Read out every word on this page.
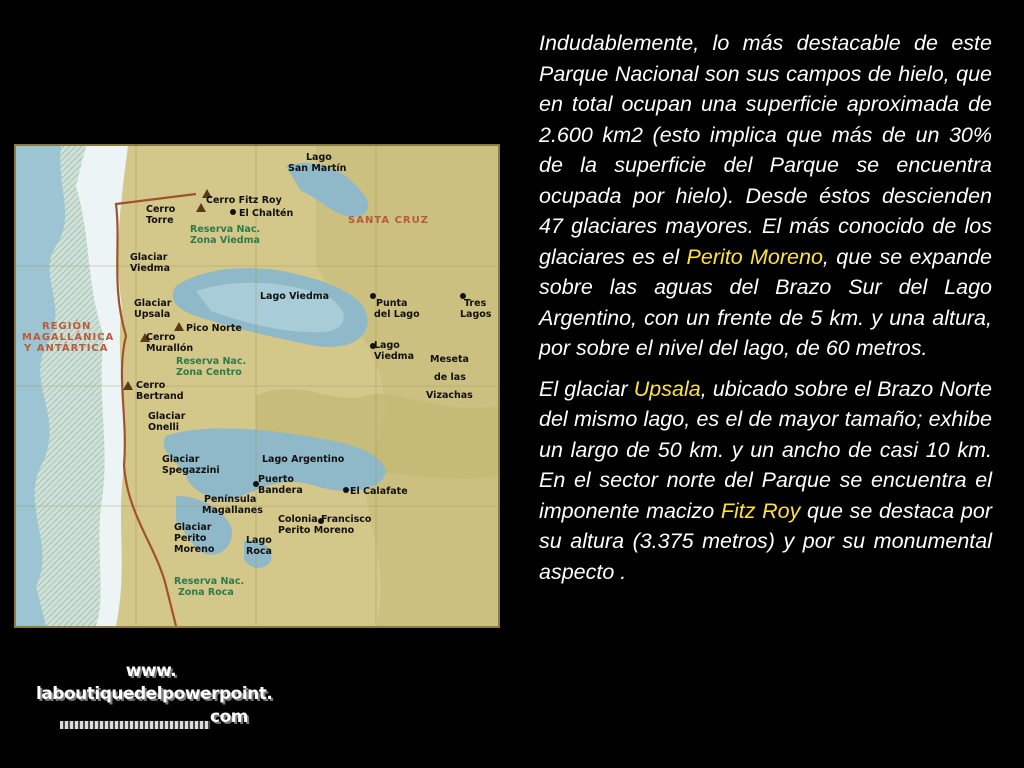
Lago San Martín
Cerro Torre
Cerro Fitz Roy
El Chaltén
SANTA CRUZ
Reserva Nac. Zona Viedma
Glaciar Viedma
Lago Viedma
Punta del Lago
Tres Lagos
Glaciar Upsala
REGIÓN MAGALLÁNICA Y ANTÁRTICA
Cerro Murallón
Pico Norte
Lago Viedma
Reserva Nac. Zona Centro
Meseta de las Vizachas
Cerro Bertrand
Glaciar Onelli
Lago Argentino
Glaciar Spegazzini
Puerto Bandera	El Calafate
Península Magallanes
Colonia Francisco Perito Moreno
Glaciar Perito Moreno
Lago Roca
Reserva Nac. Zona Roca

Indudablemente, lo más destacable de este Parque Nacional son sus campos de hielo, que en total ocupan una superficie aproximada de 2.600 km2 (esto implica que más de un 30% de la superficie del Parque se encuentra ocupada por hielo). Desde éstos descienden 47 glaciares mayores. El más conocido de los glaciares es el Perito Moreno, que se expande sobre las aguas del Brazo Sur del Lago Argentino, con un frente de 5 km. y una altura, por sobre el nivel del lago, de 60 metros.

El glaciar Upsala, ubicado sobre el Brazo Norte del mismo lago, es el de mayor tamaño; exhibe un largo de 50 km. y un ancho de casi 10 km. En el sector norte del Parque se encuentra el imponente macizo Fitz Roy que se destaca por su altura (3.375 metros) y por su monumental aspecto .

www.
laboutiquedelpowerpoint.
com
